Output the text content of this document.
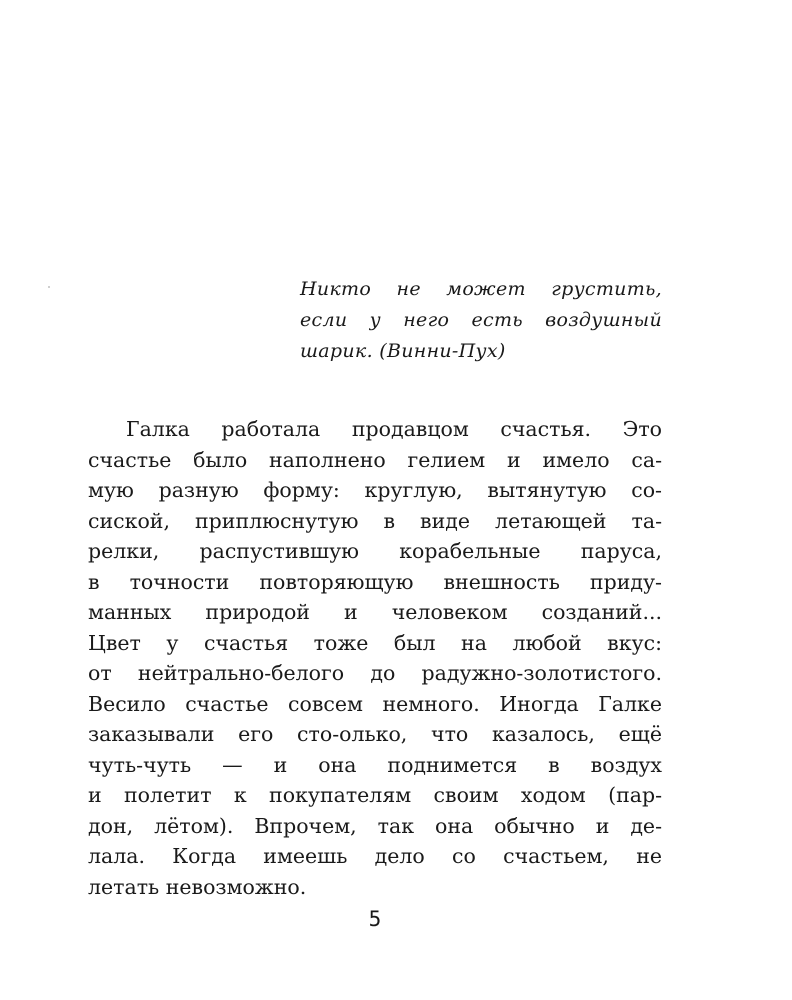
Никто не может грустить,
если у него есть воздушный
шарик. (Винни-Пух)
Галка работала продавцом счастья. Это
счастье было наполнено гелием и имело са-
мую разную форму: круглую, вытянутую со-
сиской, приплюснутую в виде летающей та-
релки, распустившую корабельные паруса,
в точности повторяющую внешность приду-
манных природой и человеком созданий...
Цвет у счастья тоже был на любой вкус:
от нейтрально-белого до радужно-золотистого.
Весило счастье совсем немного. Иногда Галке
заказывали его сто-олько, что казалось, ещё
чуть-чуть — и она поднимется в воздух
и полетит к покупателям своим ходом (пар-
дон, лётом). Впрочем, так она обычно и де-
лала. Когда имеешь дело со счастьем, не
летать невозможно.
5
